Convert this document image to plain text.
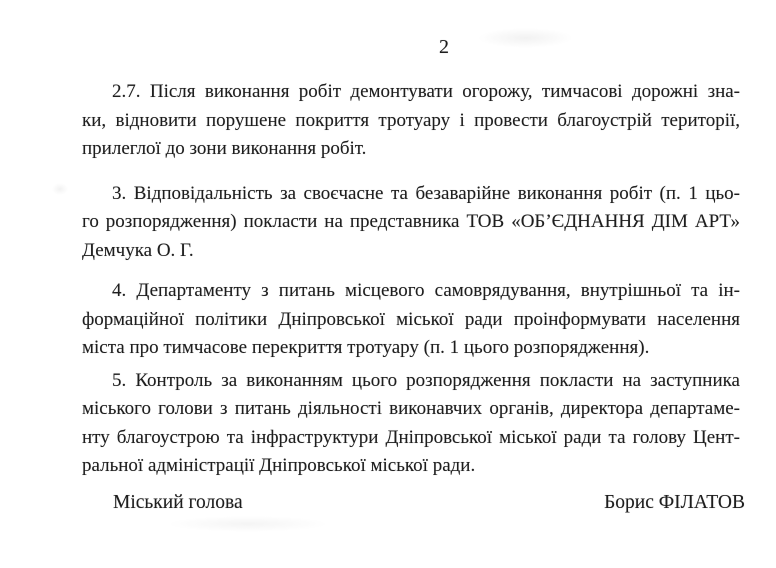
2

2.7. Після виконання робіт демонтувати огорожу, тимчасові дорожні зна-
ки, відновити порушене покриття тротуару і провести благоустрій території,
прилеглої до зони виконання робіт.

3. Відповідальність за своєчасне та безаварійне виконання робіт (п. 1 цьо-
го розпорядження) покласти на представника ТОВ «ОБ’ЄДНАННЯ ДІМ АРТ»
Демчука О. Г.

4. Департаменту з питань місцевого самоврядування, внутрішньої та ін-
формаційної політики Дніпровської міської ради проінформувати населення
міста про тимчасове перекриття тротуару (п. 1 цього розпорядження).

5. Контроль за виконанням цього розпорядження покласти на заступника
міського голови з питань діяльності виконавчих органів, директора департаме-
нту благоустрою та інфраструктури Дніпровської міської ради та голову Цент-
ральної адміністрації Дніпровської міської ради.

Міський голова	Борис ФІЛАТОВ
